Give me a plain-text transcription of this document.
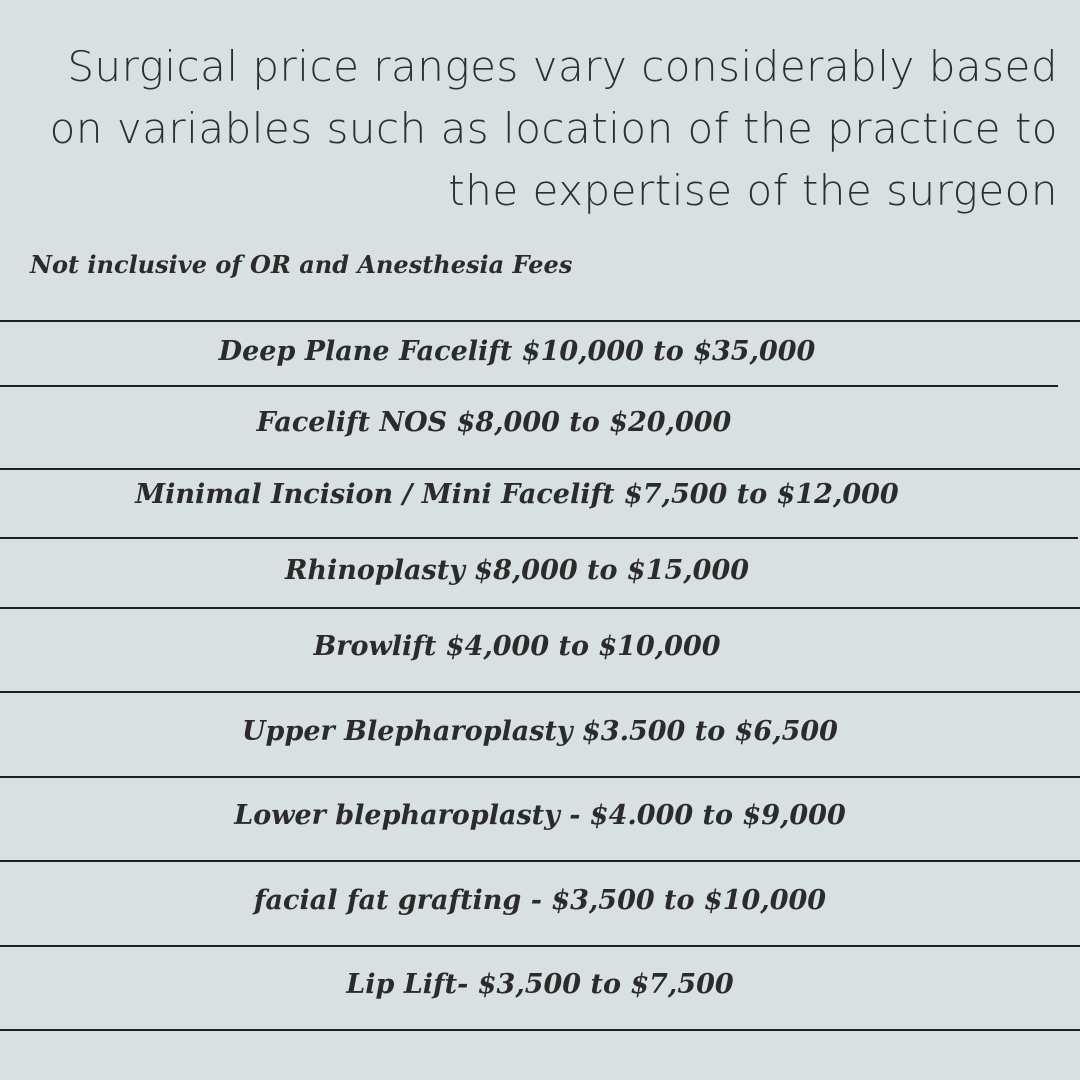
Surgical price ranges vary considerably based
on variables such as location of the practice to
the expertise of the surgeon
Not inclusive of OR and Anesthesia Fees
Deep Plane Facelift $10,000 to $35,000
Facelift NOS $8,000 to $20,000
Minimal Incision / Mini Facelift $7,500 to $12,000
Rhinoplasty $8,000 to $15,000
Browlift $4,000 to $10,000
Upper Blepharoplasty $3.500 to $6,500
Lower blepharoplasty - $4.000 to $9,000
facial fat grafting - $3,500 to $10,000
Lip Lift- $3,500 to $7,500
